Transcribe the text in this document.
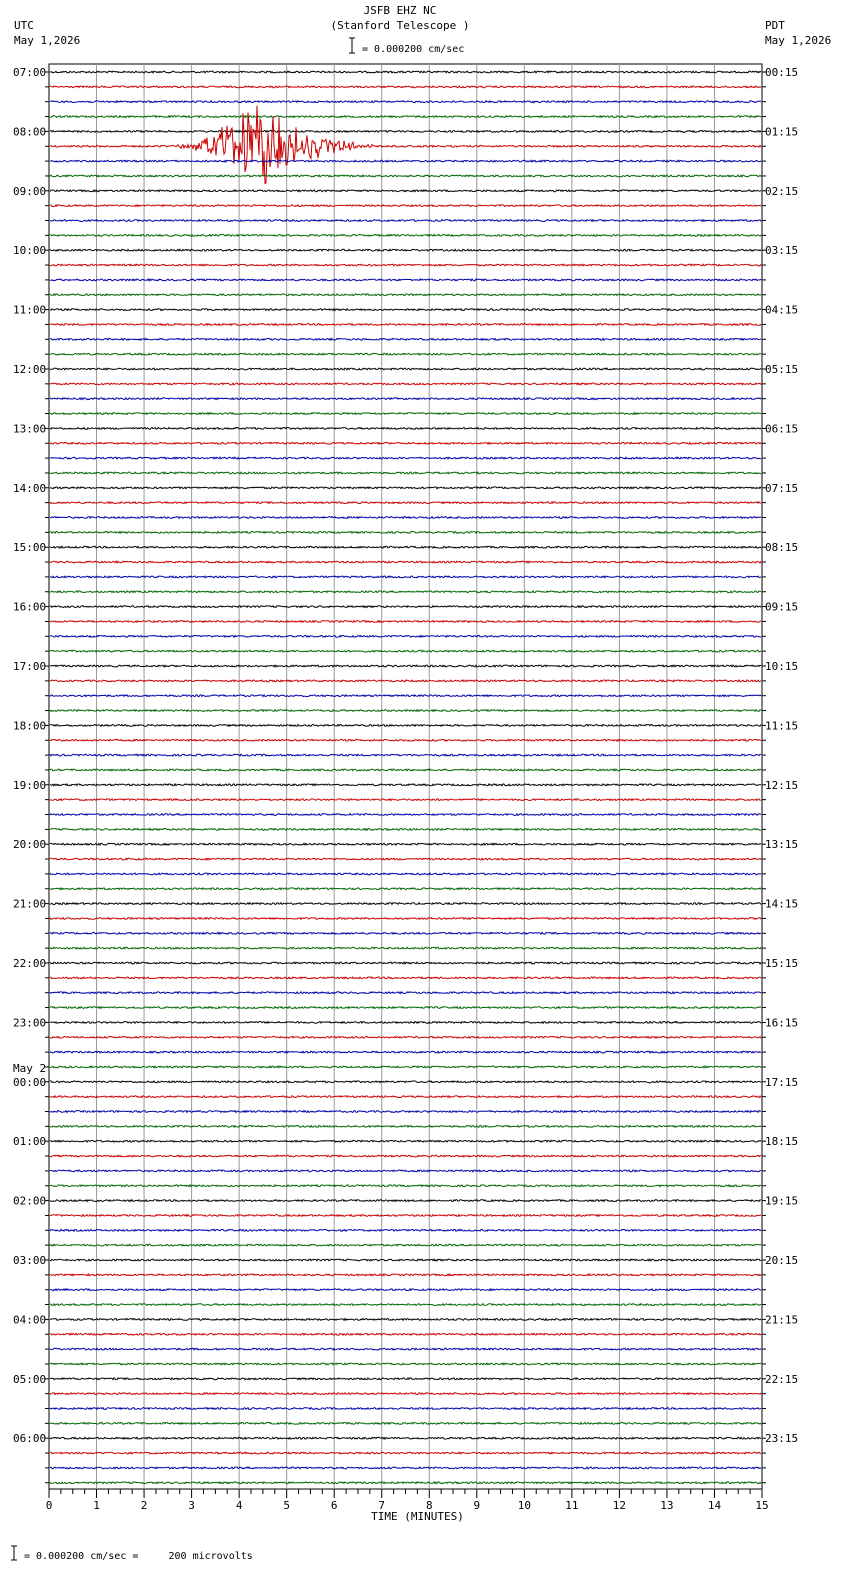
JSFB EHZ NC
(Stanford Telescope )
UTC
May 1,2026
PDT
May 1,2026
0	1	2	3	4	5	6	7	8	9	10	11	12	13	14	15
07:00	00:15
08:00	01:15
09:00	02:15
10:00	03:15
11:00	04:15
12:00	05:15
13:00	06:15
14:00	07:15
15:00	08:15
16:00	09:15
17:00	10:15
18:00	11:15
19:00	12:15
20:00	13:15
21:00	14:15
22:00	15:15
23:00	16:15
00:00	17:15
01:00	18:15
02:00	19:15
03:00	20:15
04:00	21:15
05:00	22:15
06:00	23:15
May 2
= 0.000200 cm/sec
TIME (MINUTES)
= 0.000200 cm/sec =     200 microvolts
